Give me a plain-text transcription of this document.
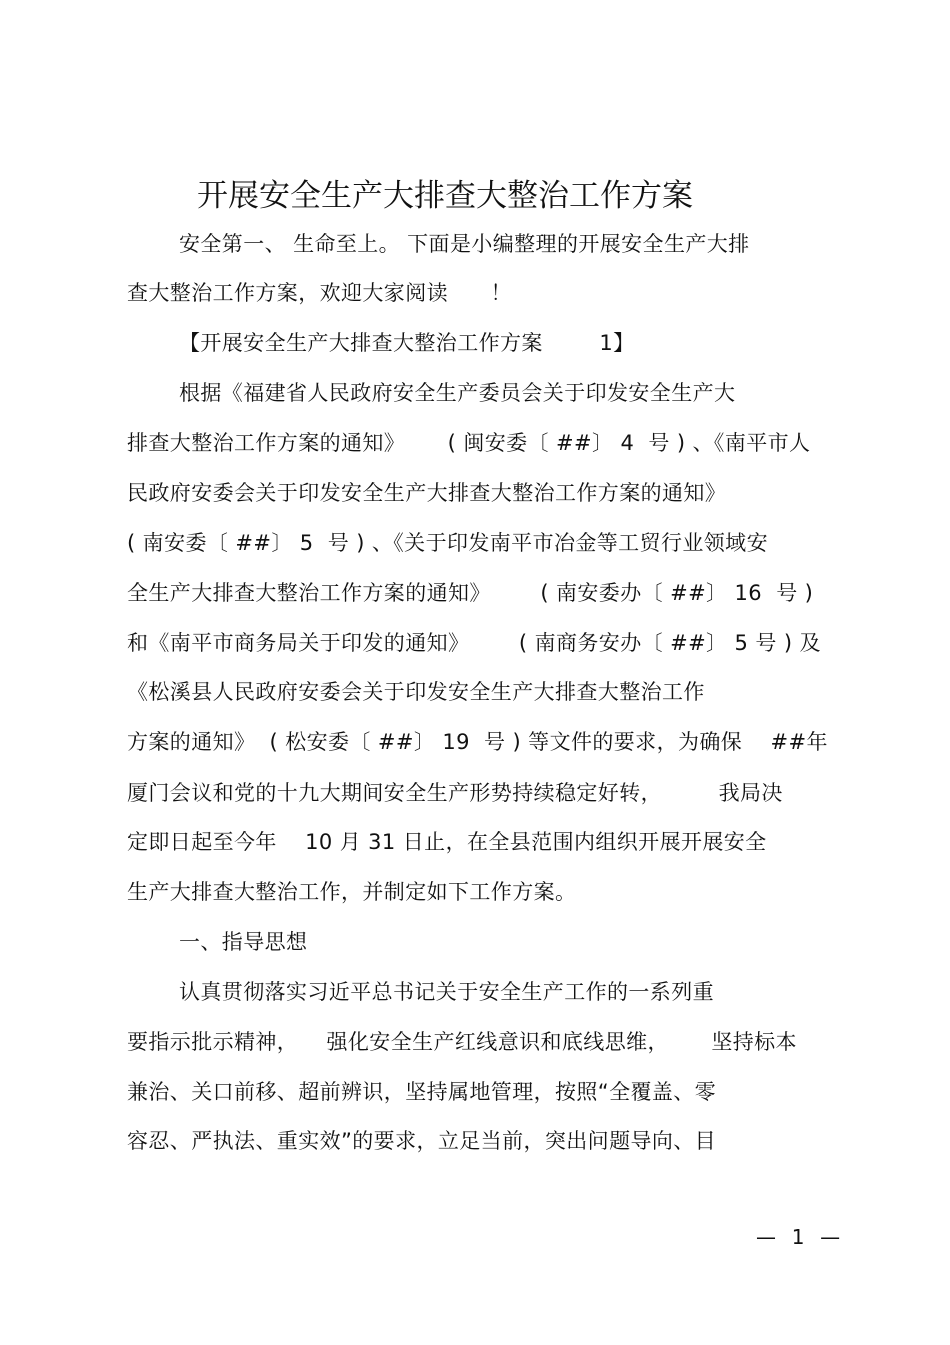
开展安全生产大排查大整治工作方案
安全第一、 生命至上。 下面是小编整理的开展安全生产大排
查大整治工作方案，欢迎大家阅读      ！
【开展安全生产大排查大整治工作方案        1】
根据《福建省人民政府安全生产委员会关于印发安全生产大
排查大整治工作方案的通知》      ( 闽安委〔 ##〕 4  号 ) 、《南平市人
民政府安委会关于印发安全生产大排查大整治工作方案的通知》
( 南安委〔 ##〕 5  号 ) 、《关于印发南平市冶金等工贸行业领域安
全生产大排查大整治工作方案的通知》       ( 南安委办〔 ##〕 16  号 )
和《南平市商务局关于印发的通知》       ( 南商务安办〔 ##〕 5 号 ) 及
《松溪县人民政府安委会关于印发安全生产大排查大整治工作
方案的通知》  ( 松安委〔 ##〕 19  号 ) 等文件的要求，为确保    ##年
厦门会议和党的十九大期间安全生产形势持续稳定好转，        我局决
定即日起至今年    10 月 31 日止，在全县范围内组织开展开展安全
生产大排查大整治工作，并制定如下工作方案。
一、指导思想
认真贯彻落实习近平总书记关于安全生产工作的一系列重
要指示批示精神，    强化安全生产红线意识和底线思维，      坚持标本
兼治、关口前移、超前辨识，坚持属地管理，按照“全覆盖、零
容忍、严执法、重实效”的要求，立足当前，突出问题导向、目
—  1  —
